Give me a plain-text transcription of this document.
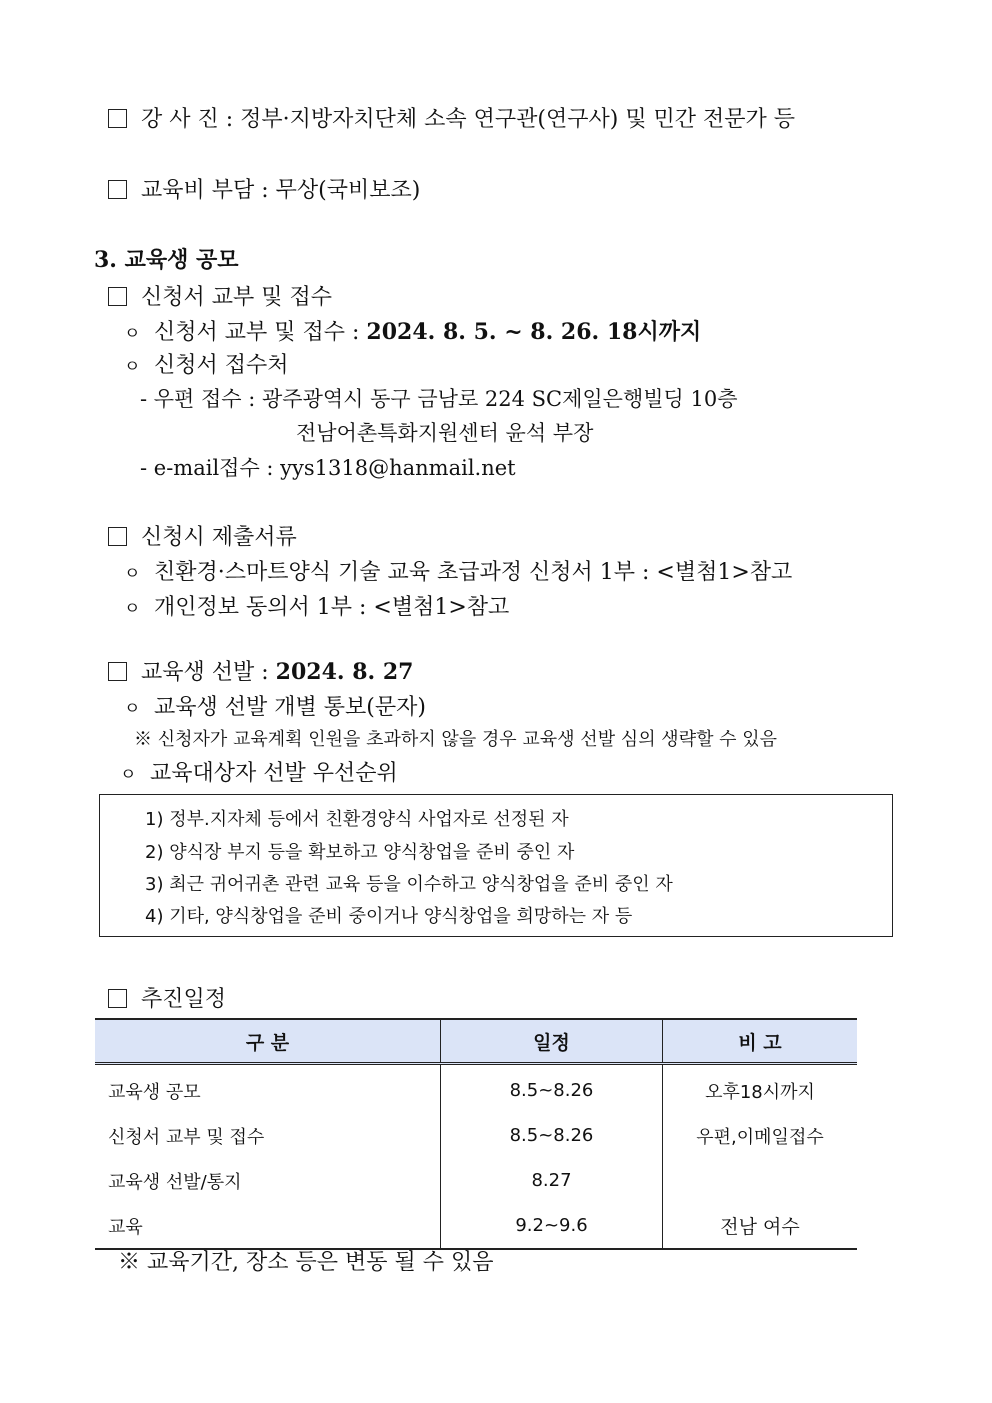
강 사 진 : 정부·지방자치단체 소속 연구관(연구사) 및 민간 전문가 등
교육비 부담 : 무상(국비보조)
3. 교육생 공모
신청서 교부 및 접수
ㅇ 신청서 교부 및 접수 : 2024. 8. 5. ~ 8. 26. 18시까지
ㅇ 신청서 접수처
- 우편 접수 : 광주광역시 동구 금남로 224 SC제일은행빌딩 10층
전남어촌특화지원센터 윤석 부장
- e-mail접수 : yys1318@hanmail.net
신청시 제출서류
ㅇ 친환경·스마트양식 기술 교육 초급과정 신청서 1부 : <별첨1>참고
ㅇ 개인정보 동의서 1부 : <별첨1>참고
교육생 선발 : 2024. 8. 27
ㅇ 교육생 선발 개별 통보(문자)
※ 신청자가 교육계획 인원을 초과하지 않을 경우 교육생 선발 심의 생략할 수 있음
ㅇ 교육대상자 선발 우선순위
1) 정부.지자체 등에서 친환경양식 사업자로 선정된 자
2) 양식장 부지 등을 확보하고 양식창업을 준비 중인 자
3) 최근 귀어귀촌 관련 교육 등을 이수하고 양식창업을 준비 중인 자
4) 기타, 양식창업을 준비 중이거나 양식창업을 희망하는 자 등
추진일정
구 분	일정	비 고
교육생 공모	8.5~8.26	오후18시까지
신청서 교부 및 접수	8.5~8.26	우편,이메일접수
교육생 선발/통지	8.27	
교육	9.2~9.6	전남 여수
※ 교육기간, 장소 등은 변동 될 수 있음
